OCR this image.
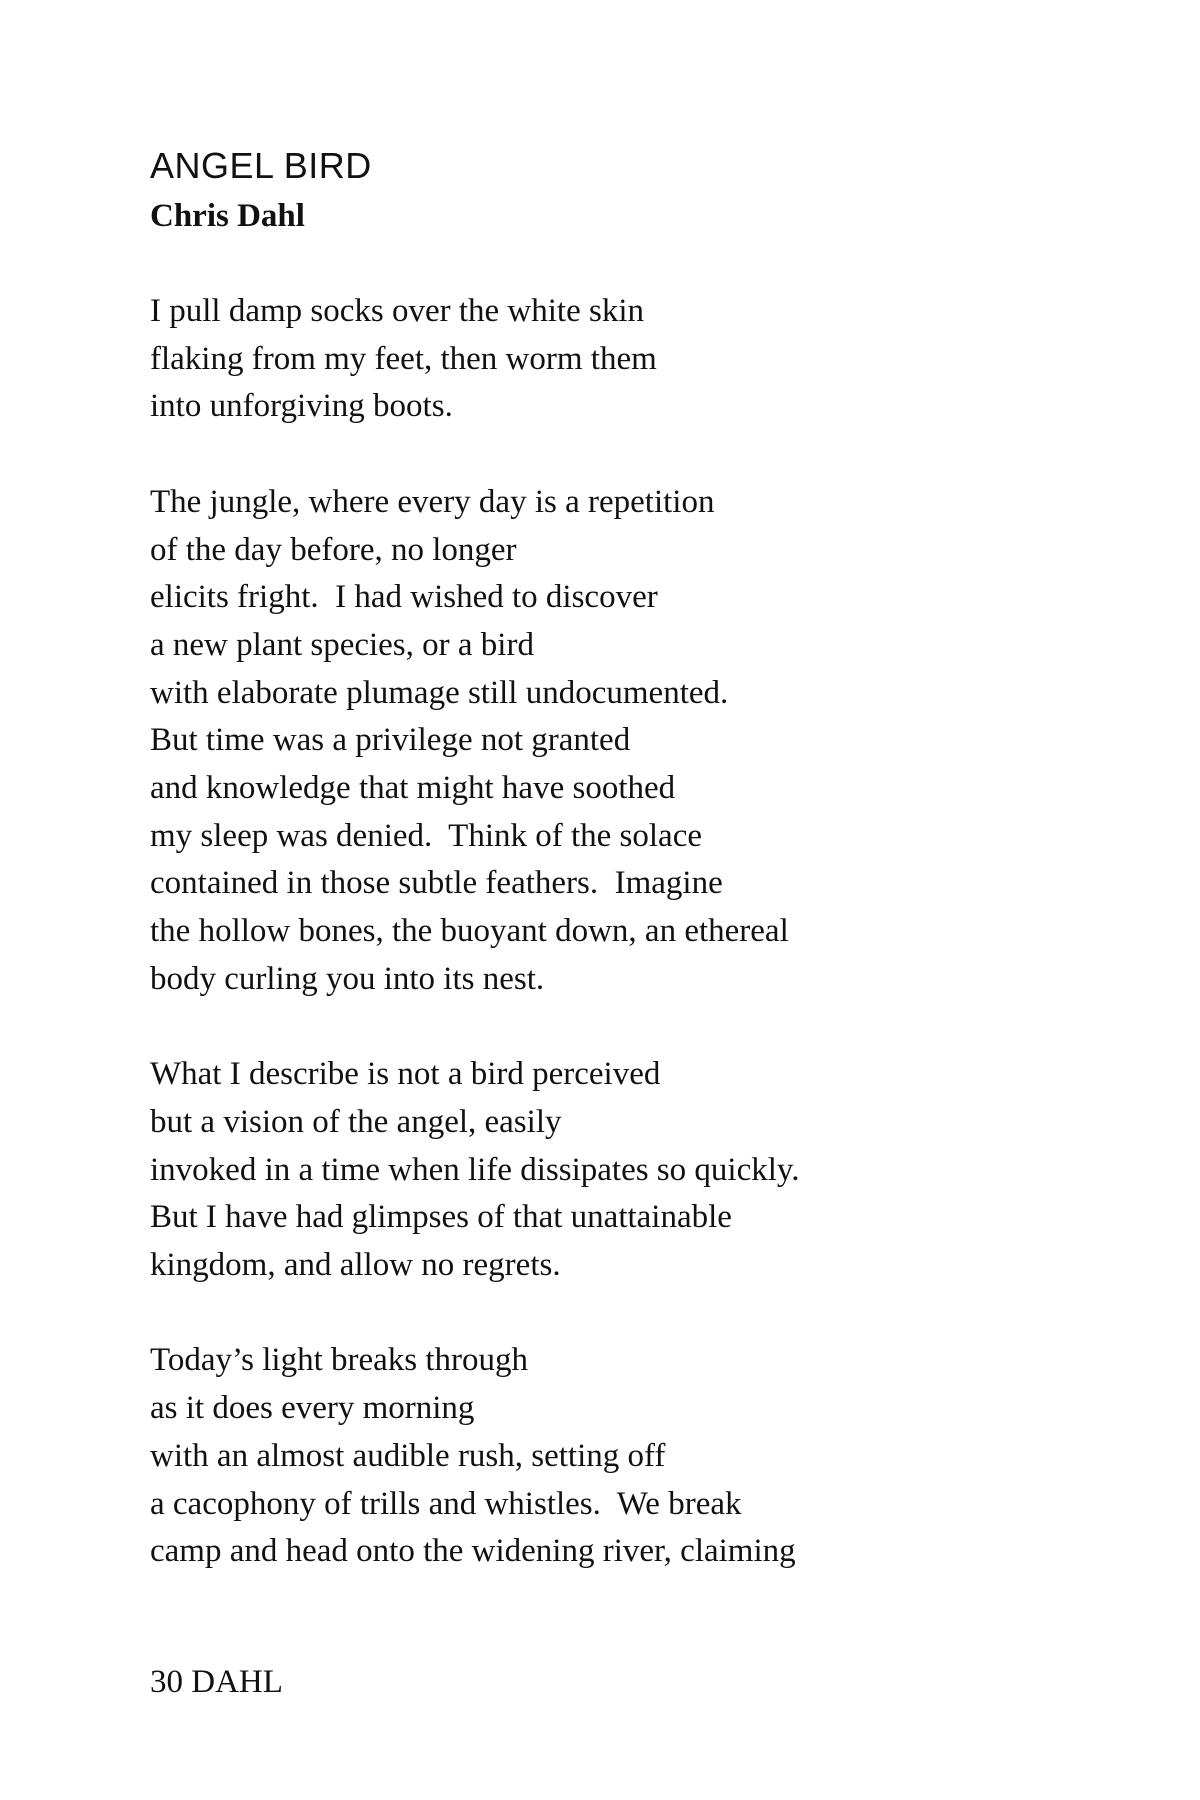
ANGEL BIRD
Chris Dahl
I pull damp socks over the white skin
flaking from my feet, then worm them
into unforgiving boots.
The jungle, where every day is a repetition
of the day before, no longer
elicits fright.  I had wished to discover
a new plant species, or a bird
with elaborate plumage still undocumented.
But time was a privilege not granted
and knowledge that might have soothed
my sleep was denied.  Think of the solace
contained in those subtle feathers.  Imagine
the hollow bones, the buoyant down, an ethereal
body curling you into its nest.
What I describe is not a bird perceived
but a vision of the angel, easily
invoked in a time when life dissipates so quickly.
But I have had glimpses of that unattainable
kingdom, and allow no regrets.
Today’s light breaks through
as it does every morning
with an almost audible rush, setting off
a cacophony of trills and whistles.  We break
camp and head onto the widening river, claiming
30 DAHL
